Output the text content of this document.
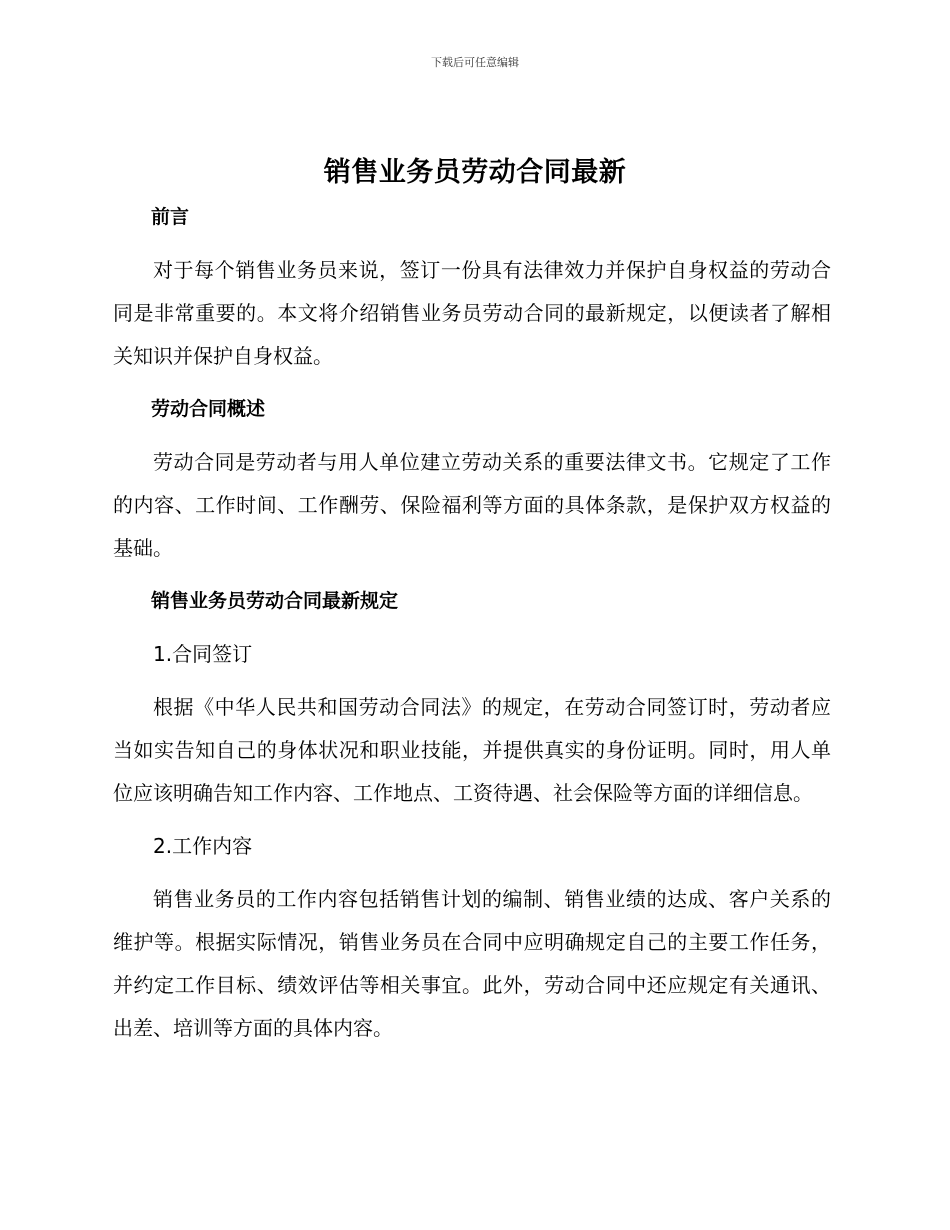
下载后可任意编辑
销售业务员劳动合同最新

前言

对于每个销售业务员来说，签订一份具有法律效力并保护自身权益的劳动合同是非常重要的。本文将介绍销售业务员劳动合同的最新规定，以便读者了解相关知识并保护自身权益。

劳动合同概述

劳动合同是劳动者与用人单位建立劳动关系的重要法律文书。它规定了工作的内容、工作时间、工作酬劳、保险福利等方面的具体条款，是保护双方权益的基础。

销售业务员劳动合同最新规定

1.合同签订

根据《中华人民共和国劳动合同法》的规定，在劳动合同签订时，劳动者应当如实告知自己的身体状况和职业技能，并提供真实的身份证明。同时，用人单位应该明确告知工作内容、工作地点、工资待遇、社会保险等方面的详细信息。

2.工作内容

销售业务员的工作内容包括销售计划的编制、销售业绩的达成、客户关系的维护等。根据实际情况，销售业务员在合同中应明确规定自己的主要工作任务，并约定工作目标、绩效评估等相关事宜。此外，劳动合同中还应规定有关通讯、出差、培训等方面的具体内容。
